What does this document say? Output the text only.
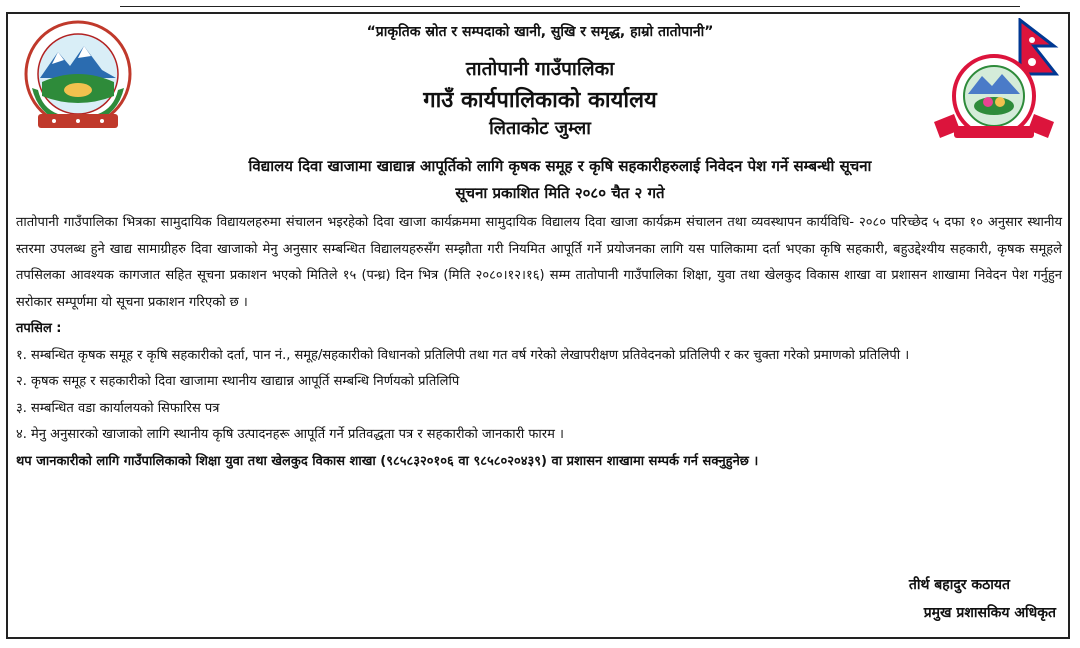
“प्राकृतिक स्रोत र सम्पदाको खानी, सुखि र समृद्ध, हाम्रो तातोपानी”
तातोपानी गाउँपालिका
गाउँ कार्यपालिकाको कार्यालय
लिताकोट जुम्ला
विद्यालय दिवा खाजामा खाद्यान्न आपूर्तिको लागि कृषक समूह र कृषि सहकारीहरुलाई निवेदन पेश गर्ने सम्बन्धी सूचना
सूचना प्रकाशित मिति २०८० चैत २ गते

तातोपानी गाउँपालिका भित्रका सामुदायिक विद्यायलहरुमा संचालन भइरहेको दिवा खाजा कार्यक्रममा सामुदायिक विद्यालय दिवा खाजा कार्यक्रम संचालन तथा व्यवस्थापन कार्यविधि- २०८० परिच्छेद ५ दफा १० अनुसार स्थानीय स्तरमा उपलब्ध हुने खाद्य सामाग्रीहरु दिवा खाजाको मेनु अनुसार सम्बन्धित विद्यालयहरुसँग सम्झौता गरी नियमित आपूर्ति गर्ने प्रयोजनका लागि यस पालिकामा दर्ता भएका कृषि सहकारी, बहुउद्देश्यीय सहकारी, कृषक समूहले तपसिलका आवश्यक कागजात सहित सूचना प्रकाशन भएको मितिले १५ (पन्ध्र) दिन भित्र (मिति २०८०।१२।१६) सम्म तातोपानी गाउँपालिका शिक्षा, युवा तथा खेलकुद विकास शाखा वा प्रशासन शाखामा निवेदन पेश गर्नुहुन सरोकार सम्पूर्णमा यो सूचना प्रकाशन गरिएको छ ।

तपसिल :

१. सम्बन्धित कृषक समूह र कृषि सहकारीको दर्ता, पान नं., समूह/सहकारीको विधानको प्रतिलिपी तथा गत वर्ष गरेको लेखापरीक्षण प्रतिवेदनको प्रतिलिपी र कर चुक्ता गरेको प्रमाणको प्रतिलिपी ।

२. कृषक समूह र सहकारीको दिवा खाजामा स्थानीय खाद्यान्न आपूर्ति सम्बन्धि निर्णयको प्रतिलिपि

३. सम्बन्धित वडा कार्यालयको सिफारिस पत्र

४. मेनु अनुसारको खाजाको लागि स्थानीय कृषि उत्पादनहरू आपूर्ति गर्ने प्रतिवद्धता पत्र र सहकारीको जानकारी फारम ।

थप जानकारीको लागि गाउँपालिकाको शिक्षा युवा तथा खेलकुद विकास शाखा (९८५८३२०१०६ वा ९८५८०२०४३९) वा प्रशासन शाखामा सम्पर्क गर्न सक्नुहुनेछ ।

तीर्थ बहादुर कठायत
प्रमुख प्रशासकिय अधिकृत
